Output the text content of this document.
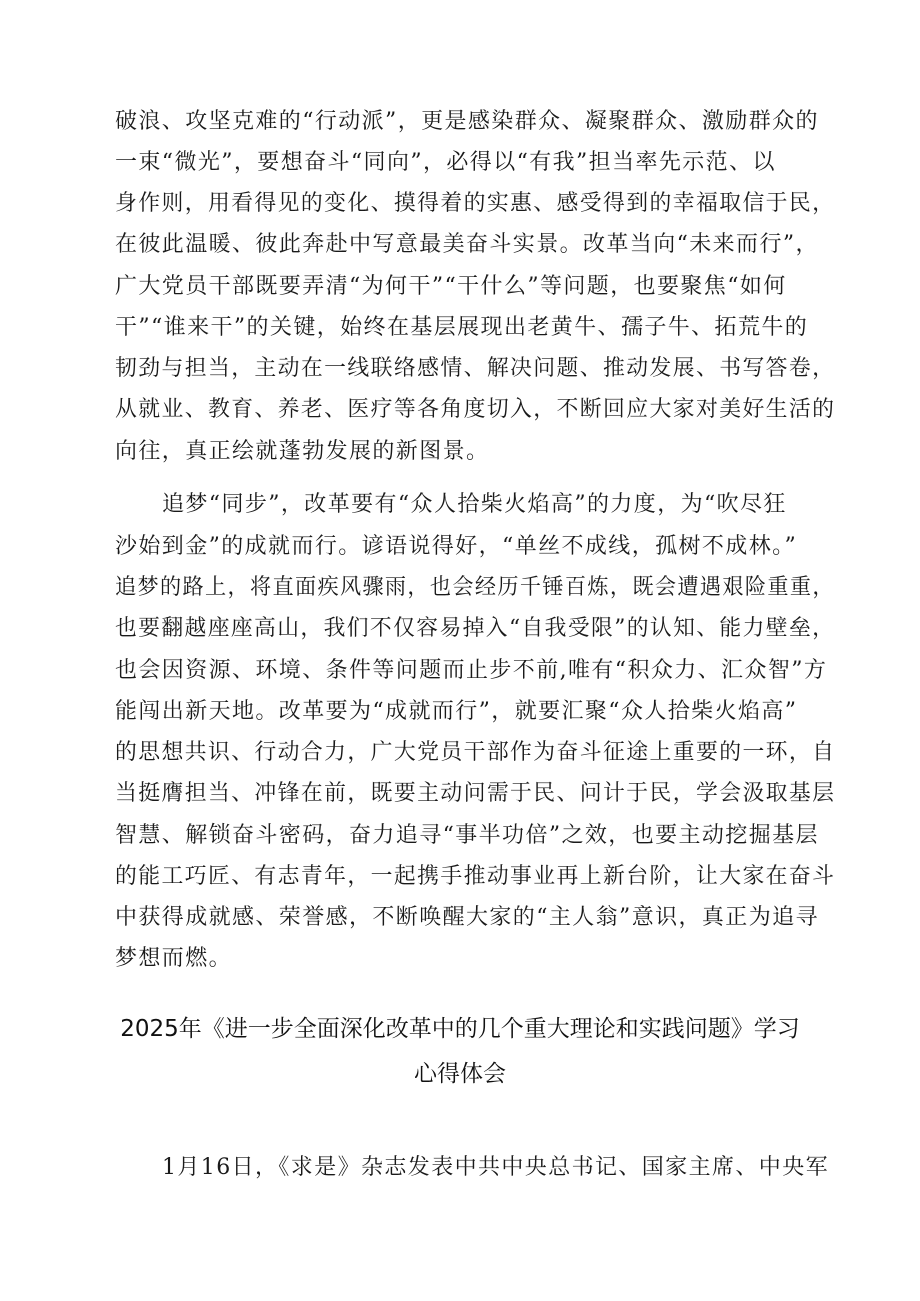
破浪、攻坚克难的“行动派”，更是感染群众、凝聚群众、激励群众的
一束“微光”，要想奋斗“同向”，必得以“有我”担当率先示范、以
身作则，用看得见的变化、摸得着的实惠、感受得到的幸福取信于民，
在彼此温暖、彼此奔赴中写意最美奋斗实景。改革当向“未来而行”，
广大党员干部既要弄清“为何干”“干什么”等问题，也要聚焦“如何
干”“谁来干”的关键，始终在基层展现出老黄牛、孺子牛、拓荒牛的
韧劲与担当，主动在一线联络感情、解决问题、推动发展、书写答卷，
从就业、教育、养老、医疗等各角度切入，不断回应大家对美好生活的
向往，真正绘就蓬勃发展的新图景。
追梦“同步”，改革要有“众人拾柴火焰高”的力度，为“吹尽狂
沙始到金”的成就而行。谚语说得好，“单丝不成线，孤树不成林。”
追梦的路上，将直面疾风骤雨，也会经历千锤百炼，既会遭遇艰险重重，
也要翻越座座高山，我们不仅容易掉入“自我受限”的认知、能力壁垒，
也会因资源、环境、条件等问题而止步不前,唯有“积众力、汇众智”方
能闯出新天地。改革要为“成就而行”，就要汇聚“众人拾柴火焰高”
的思想共识、行动合力，广大党员干部作为奋斗征途上重要的一环，自
当挺膺担当、冲锋在前，既要主动问需于民、问计于民，学会汲取基层
智慧、解锁奋斗密码，奋力追寻“事半功倍”之效，也要主动挖掘基层
的能工巧匠、有志青年，一起携手推动事业再上新台阶，让大家在奋斗
中获得成就感、荣誉感，不断唤醒大家的“主人翁”意识，真正为追寻
梦想而燃。
2025年《进一步全面深化改革中的几个重大理论和实践问题》学习
心得体会
1月16日，《求是》杂志发表中共中央总书记、国家主席、中央军
